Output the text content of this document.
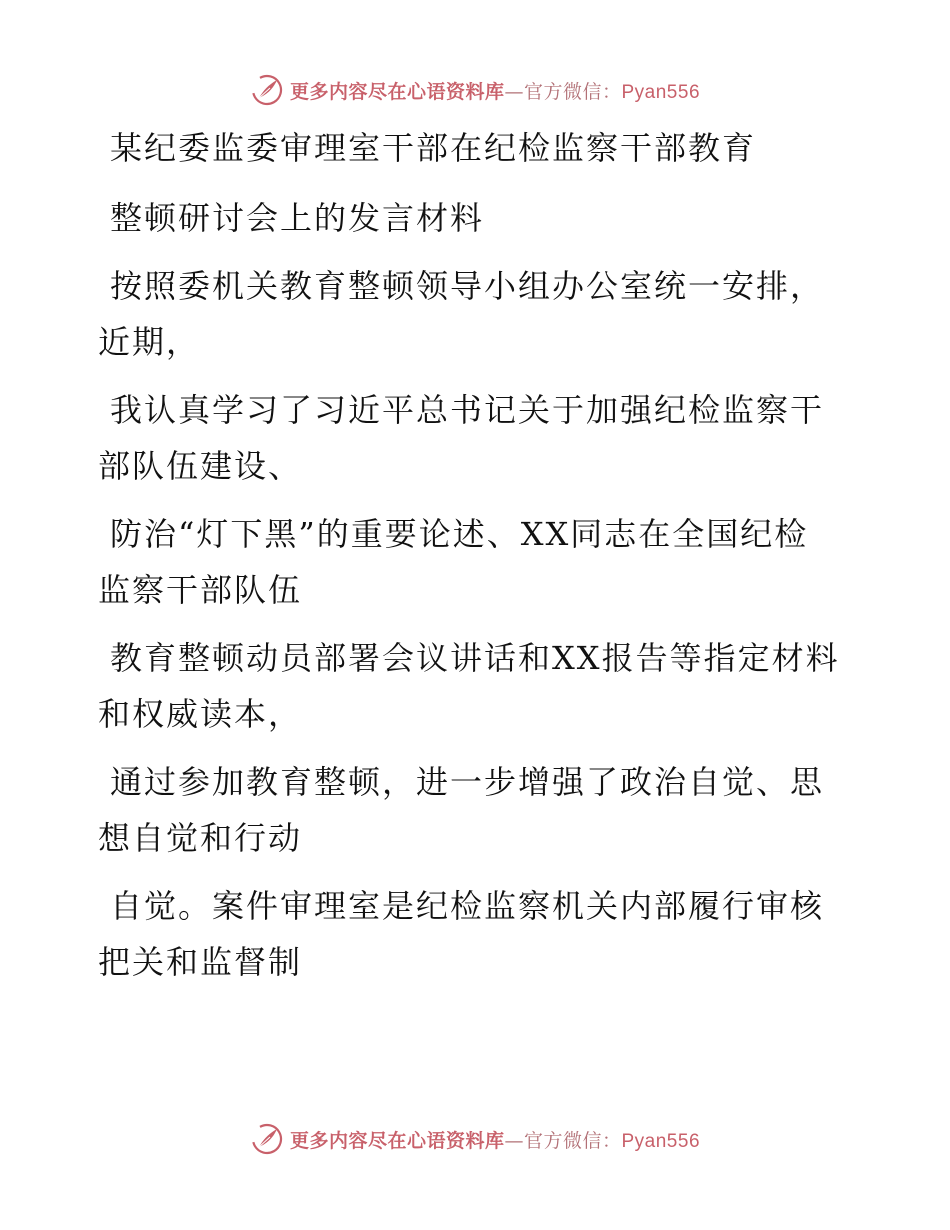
更多内容尽在心语资料库—官方微信：Pyan556

某纪委监委审理室干部在纪检监察干部教育

整顿研讨会上的发言材料

按照委机关教育整顿领导小组办公室统一安排，

近期，

我认真学习了习近平总书记关于加强纪检监察干

部队伍建设、

防治“灯下黑”的重要论述、XX同志在全国纪检

监察干部队伍

教育整顿动员部署会议讲话和XX报告等指定材料

和权威读本，

通过参加教育整顿，进一步增强了政治自觉、思

想自觉和行动

自觉。案件审理室是纪检监察机关内部履行审核

把关和监督制

更多内容尽在心语资料库—官方微信：Pyan556
